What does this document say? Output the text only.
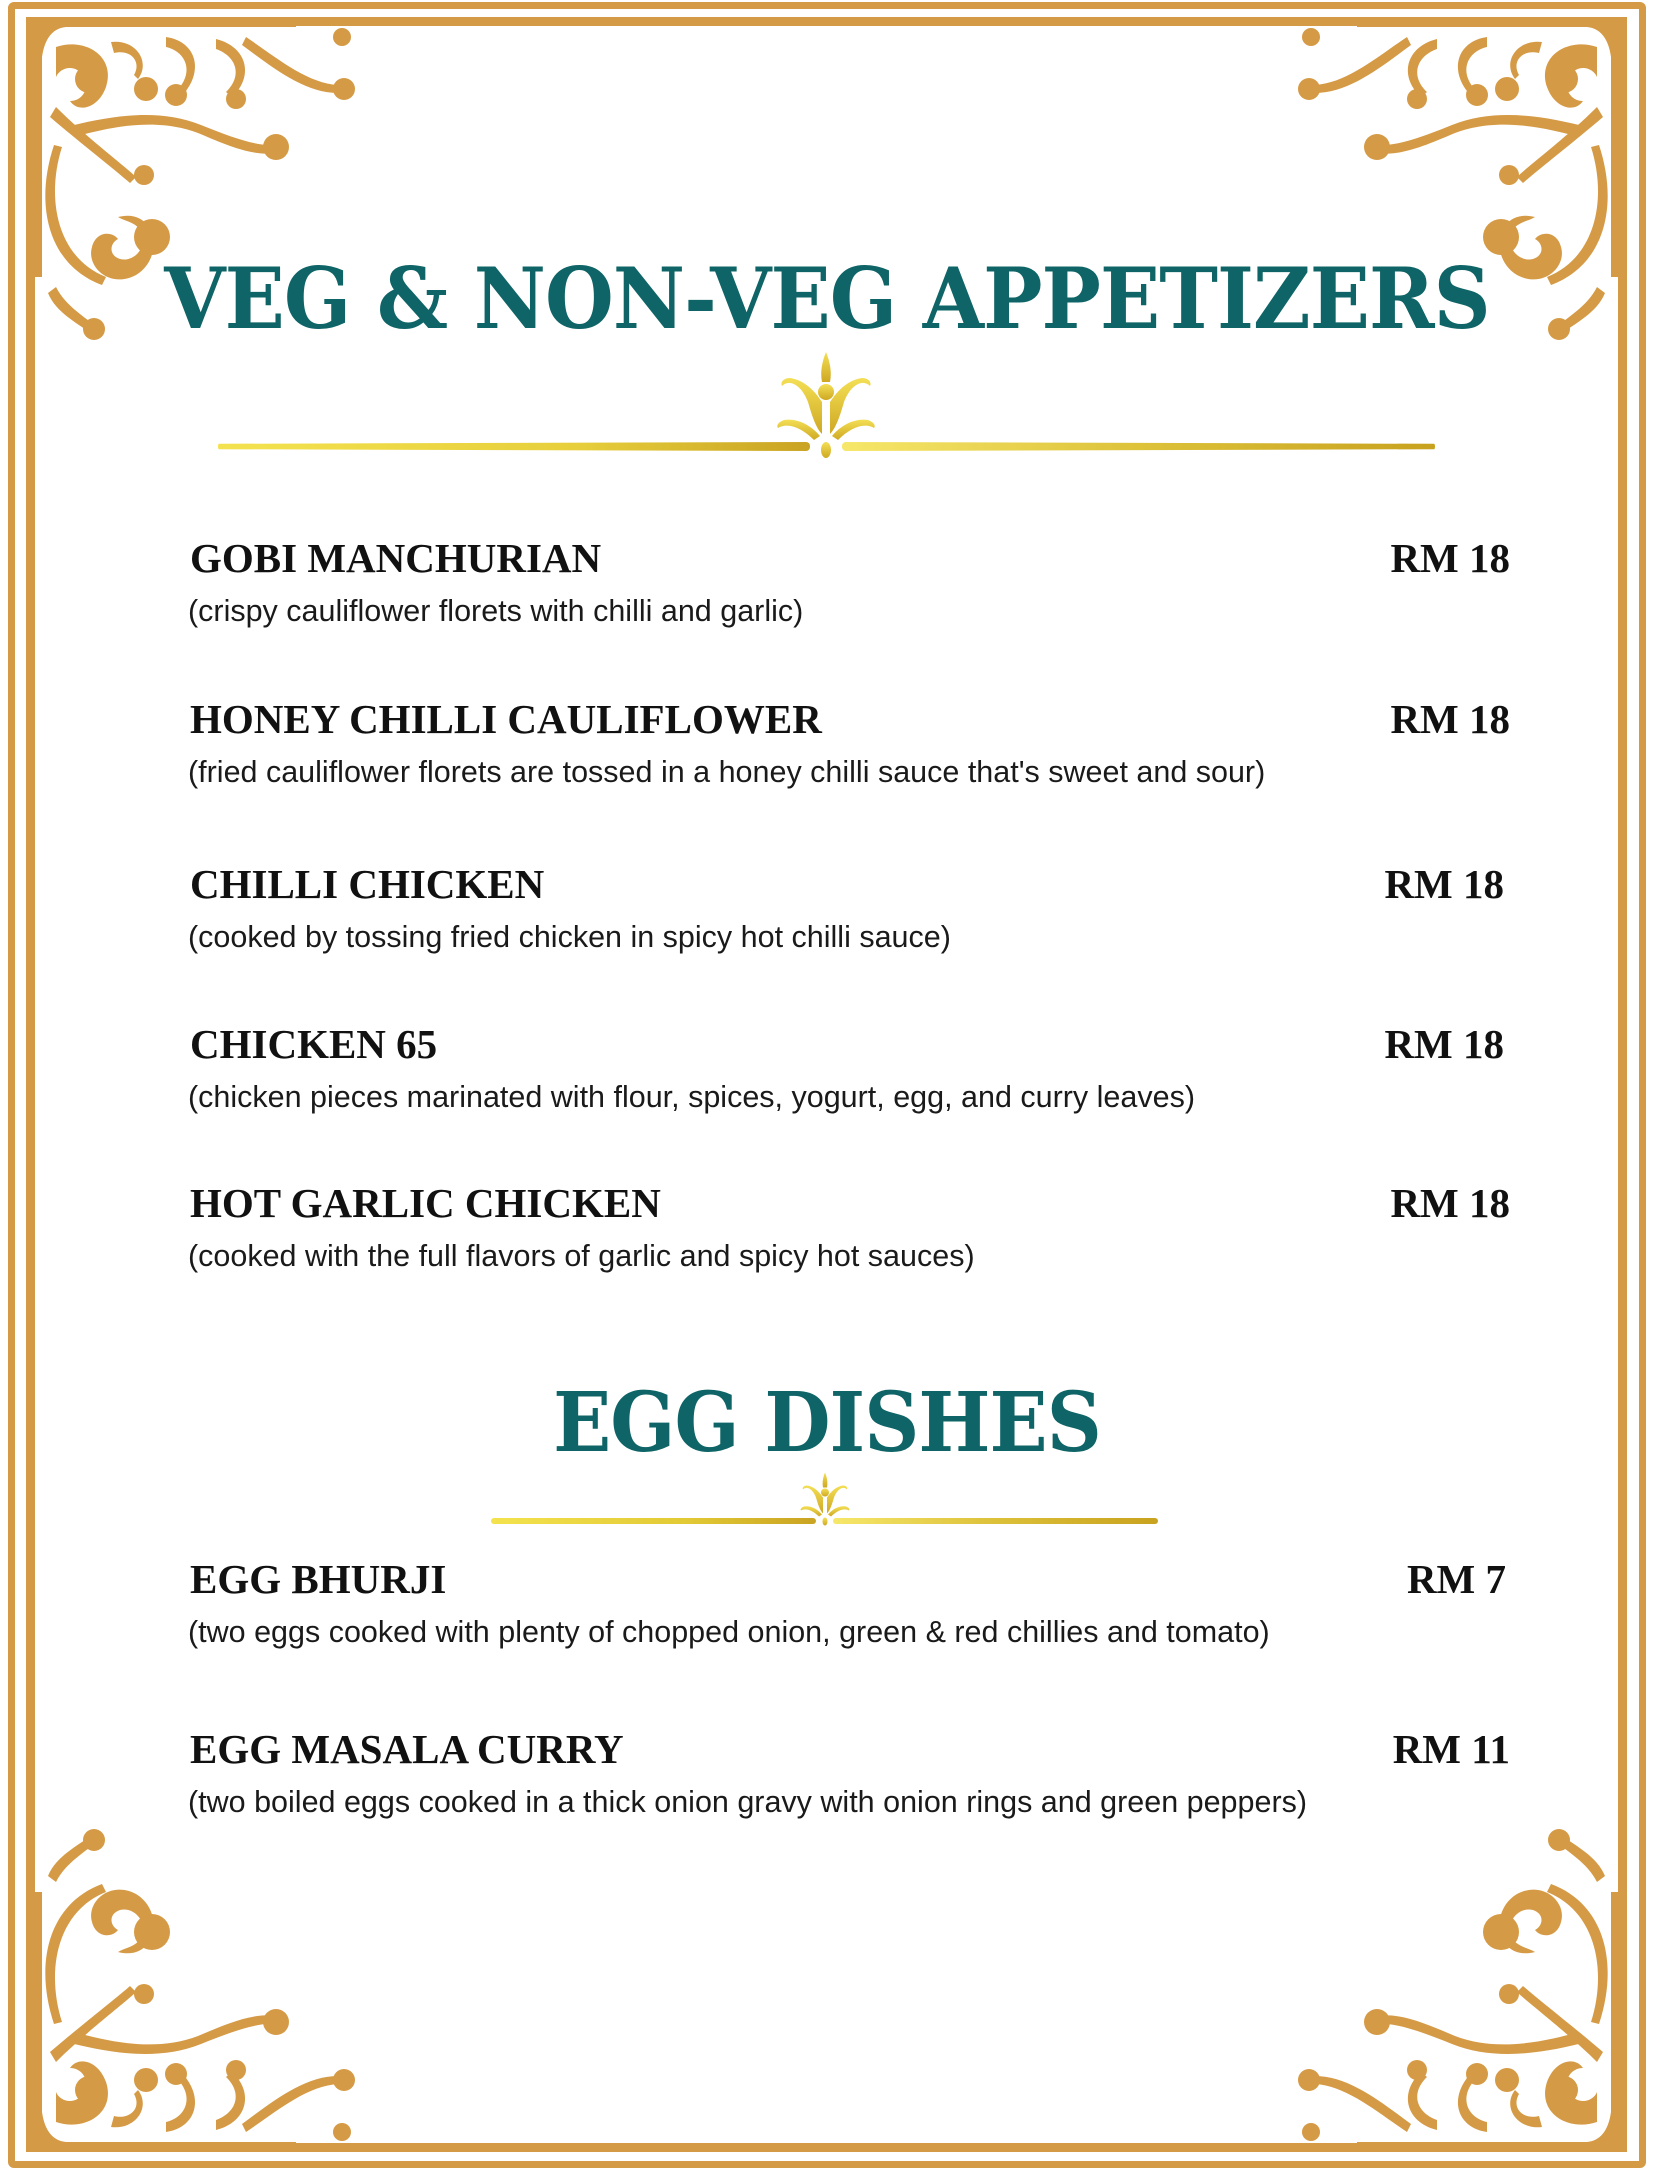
VEG & NON-VEG APPETIZERS
GOBI MANCHURIAN	RM 18
(crispy cauliflower florets with chilli and garlic)
HONEY CHILLI CAULIFLOWER	RM 18
(fried cauliflower florets are tossed in a honey chilli sauce that's sweet and sour)
CHILLI CHICKEN	RM 18
(cooked by tossing fried chicken in spicy hot chilli sauce)
CHICKEN 65	RM 18
(chicken pieces marinated with flour, spices, yogurt, egg, and curry leaves)
HOT GARLIC CHICKEN	RM 18
(cooked with the full flavors of garlic and spicy hot sauces)
EGG DISHES
EGG BHURJI	RM 7
(two eggs cooked with plenty of chopped onion, green & red chillies and tomato)
EGG MASALA CURRY	RM 11
(two boiled eggs cooked in a thick onion gravy with onion rings and green peppers)
